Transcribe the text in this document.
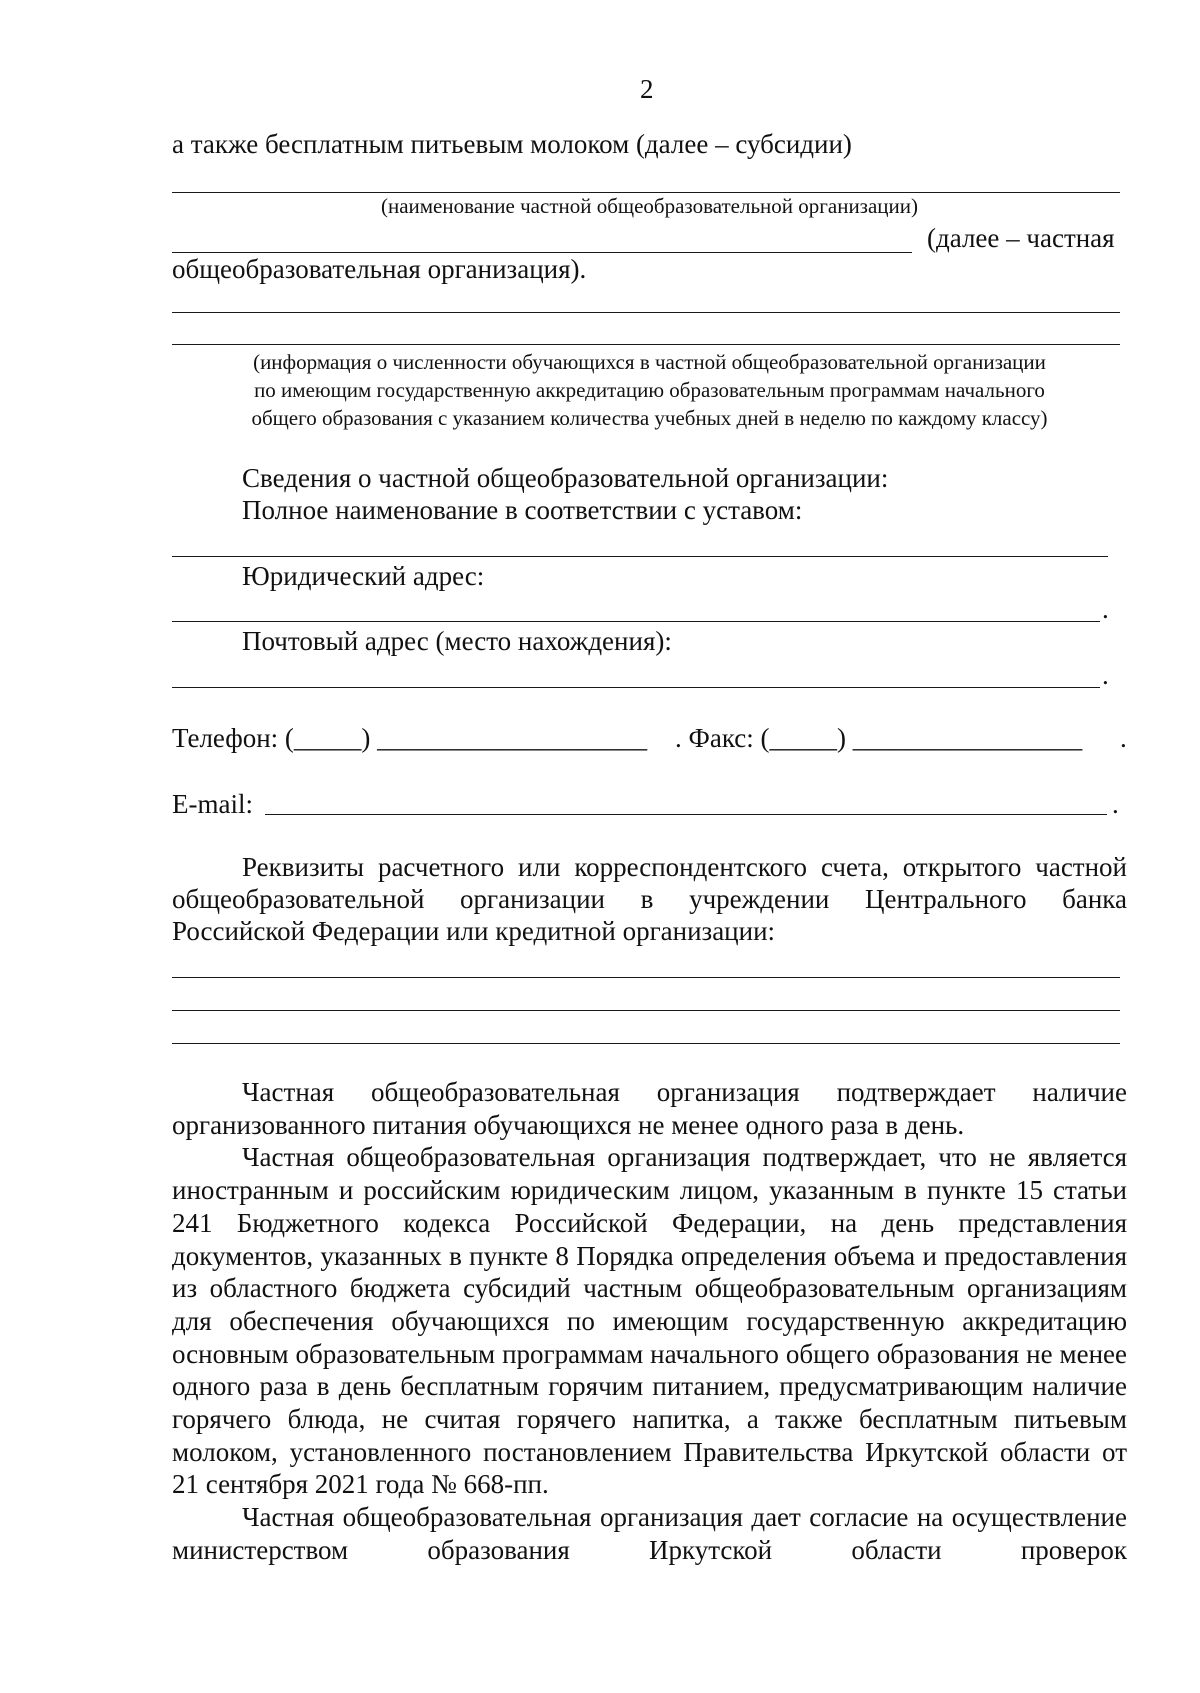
2
а также бесплатным питьевым молоком (далее – субсидии)
(наименование частной общеобразовательной организации)
(далее – частная
общеобразовательная организация).
(информация о численности обучающихся в частной общеобразовательной организации
по имеющим государственную аккредитацию образовательным программам начального
общего образования с указанием количества учебных дней в неделю по каждому классу)
Сведения о частной общеобразовательной организации:
Полное наименование в соответствии с уставом:
Юридический адрес:
.
Почтовый адрес (место нахождения):
.
Телефон: (_____) ____________________ . Факс: (_____) _________________ .
E-mail:	.
Реквизиты расчетного или корреспондентского счета, открытого частной
общеобразовательной организации в учреждении Центрального банка
Российской Федерации или кредитной организации:

Частная общеобразовательная организация подтверждает наличие организованного питания обучающихся не менее одного раза в день.

Частная общеобразовательная организация подтверждает, что не является иностранным и российским юридическим лицом, указанным в пункте 15 статьи 241 Бюджетного кодекса Российской Федерации, на день представления документов, указанных в пункте 8 Порядка определения объема и предоставления из областного бюджета субсидий частным общеобразовательным организациям для обеспечения обучающихся по имеющим государственную аккредитацию основным образовательным программам начального общего образования не менее одного раза в день бесплатным горячим питанием, предусматривающим наличие горячего блюда, не считая горячего напитка, а также бесплатным питьевым молоком, установленного постановлением Правительства Иркутской области от 21 сентября 2021 года № 668-пп.

Частная общеобразовательная организация дает согласие на осуществление министерством образования Иркутской области проверок
